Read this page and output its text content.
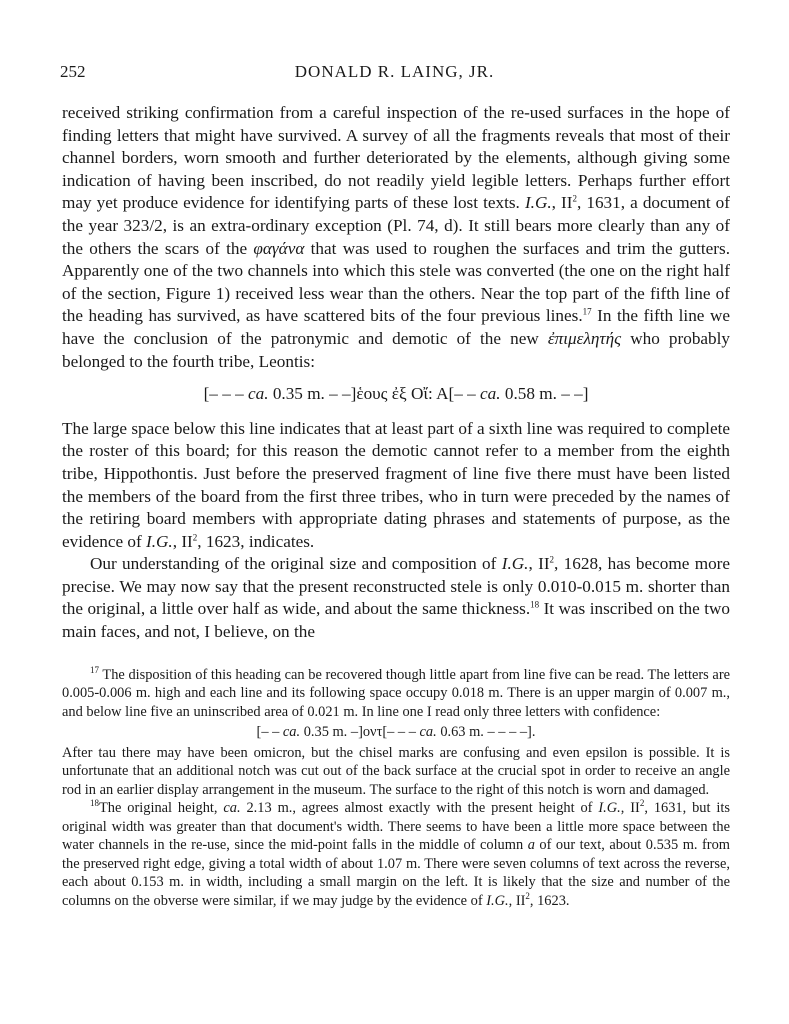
252	DONALD R. LAING, JR.

received striking confirmation from a careful inspection of the re-used surfaces in the hope of finding letters that might have survived. A survey of all the fragments reveals that most of their channel borders, worn smooth and further deteriorated by the elements, although giving some indication of having been inscribed, do not readily yield legible letters. Perhaps further effort may yet produce evidence for identifying parts of these lost texts. I.G., $II^2$, 1631, a document of the year 323/2, is an extra-ordinary exception (Pl. 74, d). It still bears more clearly than any of the others the scars of the φαγάνα that was used to roughen the surfaces and trim the gutters. Apparently one of the two channels into which this stele was converted (the one on the right half of the section, Figure 1) received less wear than the others. Near the top part of the fifth line of the heading has survived, as have scattered bits of the four previous lines.$^{17}$ In the fifth line we have the conclusion of the patronymic and demotic of the new ἐπιμελητής who probably belonged to the fourth tribe, Leontis:

[– – – ca. 0.35 m. – –]ἑους ἐξ Οἴ: Α[– – ca. 0.58 m. – –]

The large space below this line indicates that at least part of a sixth line was required to complete the roster of this board; for this reason the demotic cannot refer to a member from the eighth tribe, Hippothontis. Just before the preserved fragment of line five there must have been listed the members of the board from the first three tribes, who in turn were preceded by the names of the retiring board members with appropriate dating phrases and statements of purpose, as the evidence of I.G., $II^2$, 1623, indicates.

Our understanding of the original size and composition of I.G., $II^2$, 1628, has become more precise. We may now say that the present reconstructed stele is only 0.010-0.015 m. shorter than the original, a little over half as wide, and about the same thickness.$^{18}$ It was inscribed on the two main faces, and not, I believe, on the

$^{17}$ The disposition of this heading can be recovered though little apart from line five can be read. The letters are 0.005-0.006 m. high and each line and its following space occupy 0.018 m. There is an upper margin of 0.007 m., and below line five an uninscribed area of 0.021 m. In line one I read only three letters with confidence:

[– – ca. 0.35 m. –]οντ[– – – ca. 0.63 m. – – – –].

After tau there may have been omicron, but the chisel marks are confusing and even epsilon is possible. It is unfortunate that an additional notch was cut out of the back surface at the crucial spot in order to receive an angle rod in an earlier display arrangement in the museum. The surface to the right of this notch is worn and damaged.

$^{18}$The original height, ca. 2.13 m., agrees almost exactly with the present height of I.G., $II^2$, 1631, but its original width was greater than that document's width. There seems to have been a little more space between the water channels in the re-use, since the mid-point falls in the middle of column a of our text, about 0.535 m. from the preserved right edge, giving a total width of about 1.07 m. There were seven columns of text across the reverse, each about 0.153 m. in width, including a small margin on the left. It is likely that the size and number of the columns on the obverse were similar, if we may judge by the evidence of I.G., $II^2$, 1623.
